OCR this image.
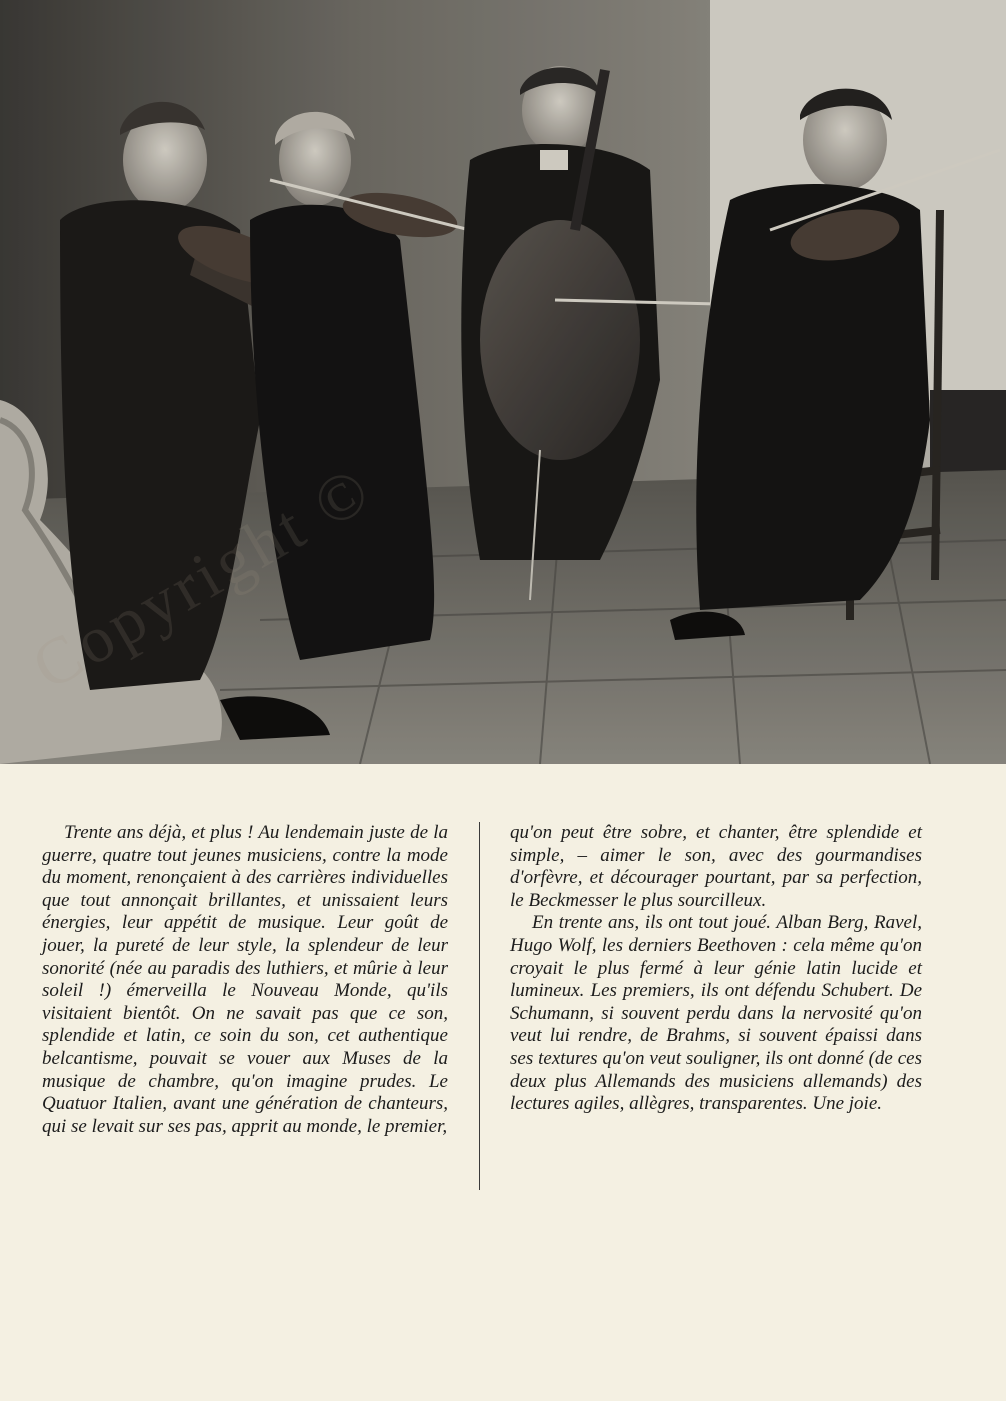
Trente ans déjà, et plus ! Au lendemain juste de la guerre, quatre tout jeunes musiciens, contre la mode du moment, renonçaient à des carrières individuelles que tout annonçait brillantes, et unissaient leurs énergies, leur appétit de musique. Leur goût de jouer, la pureté de leur style, la splendeur de leur sonorité (née au paradis des luthiers, et mûrie à leur soleil !) émerveilla le Nouveau Monde, qu'ils visitaient bientôt. On ne savait pas que ce son, splendide et latin, ce soin du son, cet authentique belcantisme, pouvait se vouer aux Muses de la musique de chambre, qu'on imagine prudes. Le Quatuor Italien, avant une génération de chanteurs, qui se levait sur ses pas, apprit au monde, le premier,

qu'on peut être sobre, et chanter, être splendide et simple, – aimer le son, avec des gourmandises d'orfèvre, et décourager pourtant, par sa perfection, le Beckmesser le plus sourcilleux.

En trente ans, ils ont tout joué. Alban Berg, Ravel, Hugo Wolf, les derniers Beethoven : cela même qu'on croyait le plus fermé à leur génie latin lucide et lumineux. Les premiers, ils ont défendu Schubert. De Schumann, si souvent perdu dans la nervosité qu'on veut lui rendre, de Brahms, si souvent épaissi dans ses textures qu'on veut souligner, ils ont donné (de ces deux plus Allemands des musiciens allemands) des lectures agiles, allègres, transparentes. Une joie.
